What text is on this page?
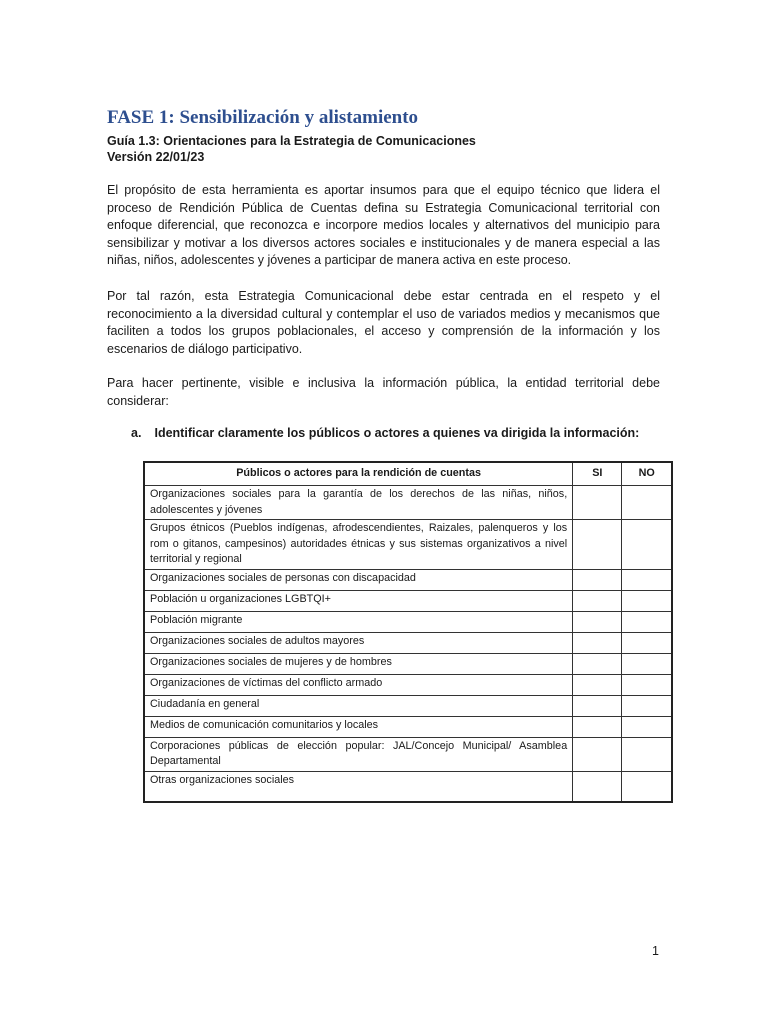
FASE 1: Sensibilización y alistamiento
Guía 1.3: Orientaciones para la Estrategia de Comunicaciones
Versión 22/01/23
El propósito de esta herramienta es aportar insumos para que el equipo técnico que lidera el proceso de Rendición Pública de Cuentas defina su Estrategia Comunicacional territorial con enfoque diferencial, que reconozca e incorpore medios locales y alternativos del municipio para sensibilizar y motivar a los diversos actores sociales e institucionales y de manera especial a las niñas, niños, adolescentes y jóvenes a participar de manera activa en este proceso.
Por tal razón, esta Estrategia Comunicacional debe estar centrada en el respeto y el reconocimiento a la diversidad cultural y contemplar el uso de variados medios y mecanismos que faciliten a todos los grupos poblacionales, el acceso y comprensión de la información y los escenarios de diálogo participativo.
Para hacer pertinente, visible e inclusiva la información pública, la entidad territorial debe considerar:
a. Identificar claramente los públicos o actores a quienes va dirigida la información:
Públicos o actores para la rendición de cuentas	SI	NO
Organizaciones sociales para la garantía de los derechos de las niñas, niños, adolescentes y jóvenes		
Grupos étnicos (Pueblos indígenas, afrodescendientes, Raizales, palenqueros y los rom o gitanos, campesinos) autoridades étnicas y sus sistemas organizativos a nivel territorial y regional		
Organizaciones sociales de personas con discapacidad		
Población u organizaciones LGBTQI+		
Población migrante		
Organizaciones sociales de adultos mayores		
Organizaciones sociales de mujeres y de hombres		
Organizaciones de víctimas del conflicto armado		
Ciudadanía en general		
Medios de comunicación comunitarios y locales		
Corporaciones públicas de elección popular: JAL/Concejo Municipal/ Asamblea Departamental		
Otras organizaciones sociales		
1
